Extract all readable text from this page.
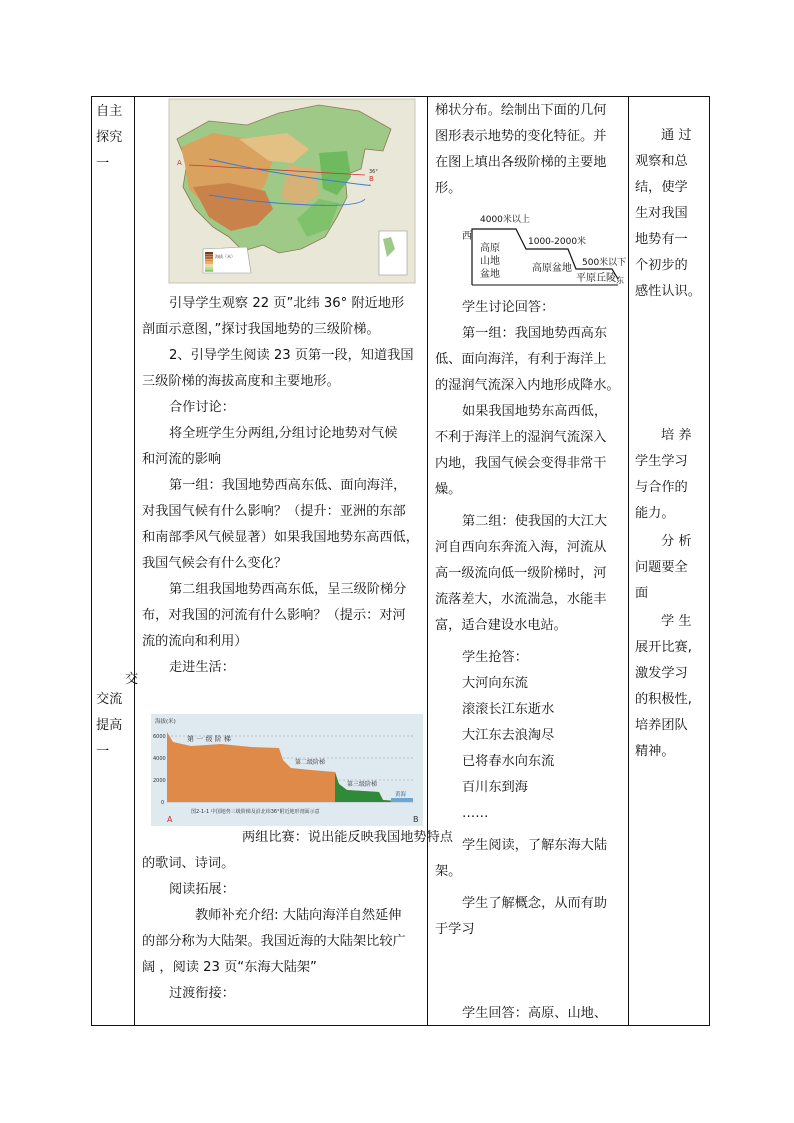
自主
探究
一
交
交流
提高
一

海拔（米）
A
B
36°
引导学生观察 22 页”北纬 36° 附近地形
剖面示意图，”探讨我国地势的三级阶梯。
2、引导学生阅读 23 页第一段，知道我国
三级阶梯的海拔高度和主要地形。
合作讨论：
将全班学生分两组,分组讨论地势对气候
和河流的影响
第一组：我国地势西高东低、面向海洋，
对我国气候有什么影响？（提升：亚洲的东部
和南部季风气候显著）如果我国地势东高西低，
我国气候会有什么变化？
第二组我国地势西高东低，呈三级阶梯分
布，对我国的河流有什么影响？（提示：对河
流的流向和利用）
走进生活：
海拔(米)
6000
4000
2000
0
第 一 级 阶 梯
第二级阶梯
第三级阶梯
黄海
图2-1-1 中国地势三级阶梯及沿北纬36°附近地形剖面示意
A	B
两组比赛：说出能反映我国地势特点
的歌词、诗词。
阅读拓展：
教师补充介绍: 大陆向海洋自然延伸
的部分称为大陆架。我国近海的大陆架比较广
阔 ，阅读 23 页“东海大陆架”
过渡衔接：

梯状分布。绘制出下面的几何
图形表示地势的变化特征。并
在图上填出各级阶梯的主要地
形。
西
4000米以上
高原
山地
盆地
1000-2000米
高原盆地 500米以下
平原丘陵 东
学生讨论回答：
第一组：我国地势西高东
低、面向海洋，有利于海洋上
的湿润气流深入内地形成降水。
如果我国地势东高西低，
不利于海洋上的湿润气流深入
内地，我国气候会变得非常干
燥。
第二组：使我国的大江大
河自西向东奔流入海，河流从
高一级流向低一级阶梯时，河
流落差大，水流湍急，水能丰
富，适合建设水电站。
学生抢答：
大河向东流
滚滚长江东逝水
大江东去浪淘尽
已将春水向东流
百川东到海
……
学生阅读，了解东海大陆
架。
学生了解概念，从而有助
于学习
学生回答：高原、山地、

通 过
观察和总
结，使学
生对我国
地势有一
个初步的
感性认识。
培 养
学生学习
与合作的
能力。
分 析
问题要全
面
学 生
展开比赛,
激发学习
的积极性,
培养团队
精神。
